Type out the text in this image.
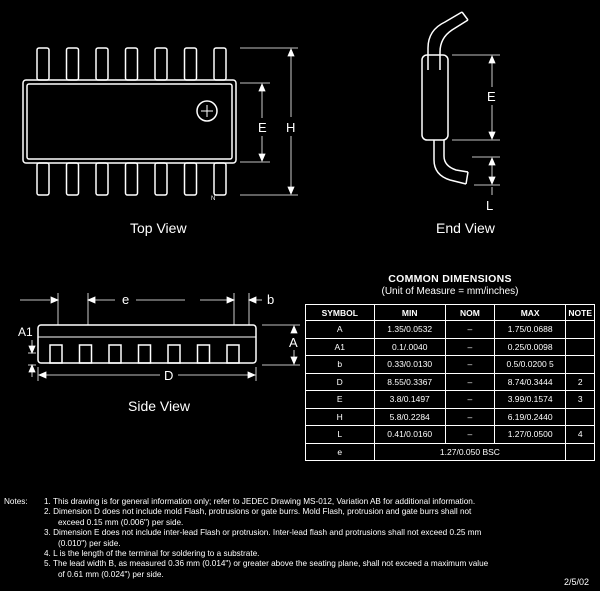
E H
N
Top View
E
L
End View
e	b
A1
A
D
Side View
COMMON DIMENSIONS
(Unit of Measure = mm/inches)
SYMBOL	MIN	NOM	MAX	NOTE
A	1.35/0.0532	–	1.75/0.0688	
A1	0.1/.0040	–	0.25/0.0098	
b	0.33/0.0130	–	0.5/0.0200 5	
D	8.55/0.3367	–	8.74/0.3444	2
E	3.8/0.1497	–	3.99/0.1574	3
H	5.8/0.2284	–	6.19/0.2440	
L	0.41/0.0160	–	1.27/0.0500	4
e	1.27/0.050 BSC			
Notes: 1. This drawing is for general information only; refer to JEDEC Drawing MS-012, Variation AB for additional information.
2. Dimension D does not include mold Flash, protrusions or gate burrs. Mold Flash, protrusion and gate burrs shall not
exceed 0.15 mm (0.006") per side.
3. Dimension E does not include inter-lead Flash or protrusion. Inter-lead flash and protrusions shall not exceed 0.25 mm
(0.010") per side.
4. L is the length of the terminal for soldering to a substrate.
5. The lead width B, as measured 0.36 mm (0.014") or greater above the seating plane, shall not exceed a maximum value
of 0.61 mm (0.024") per side.
2/5/02
